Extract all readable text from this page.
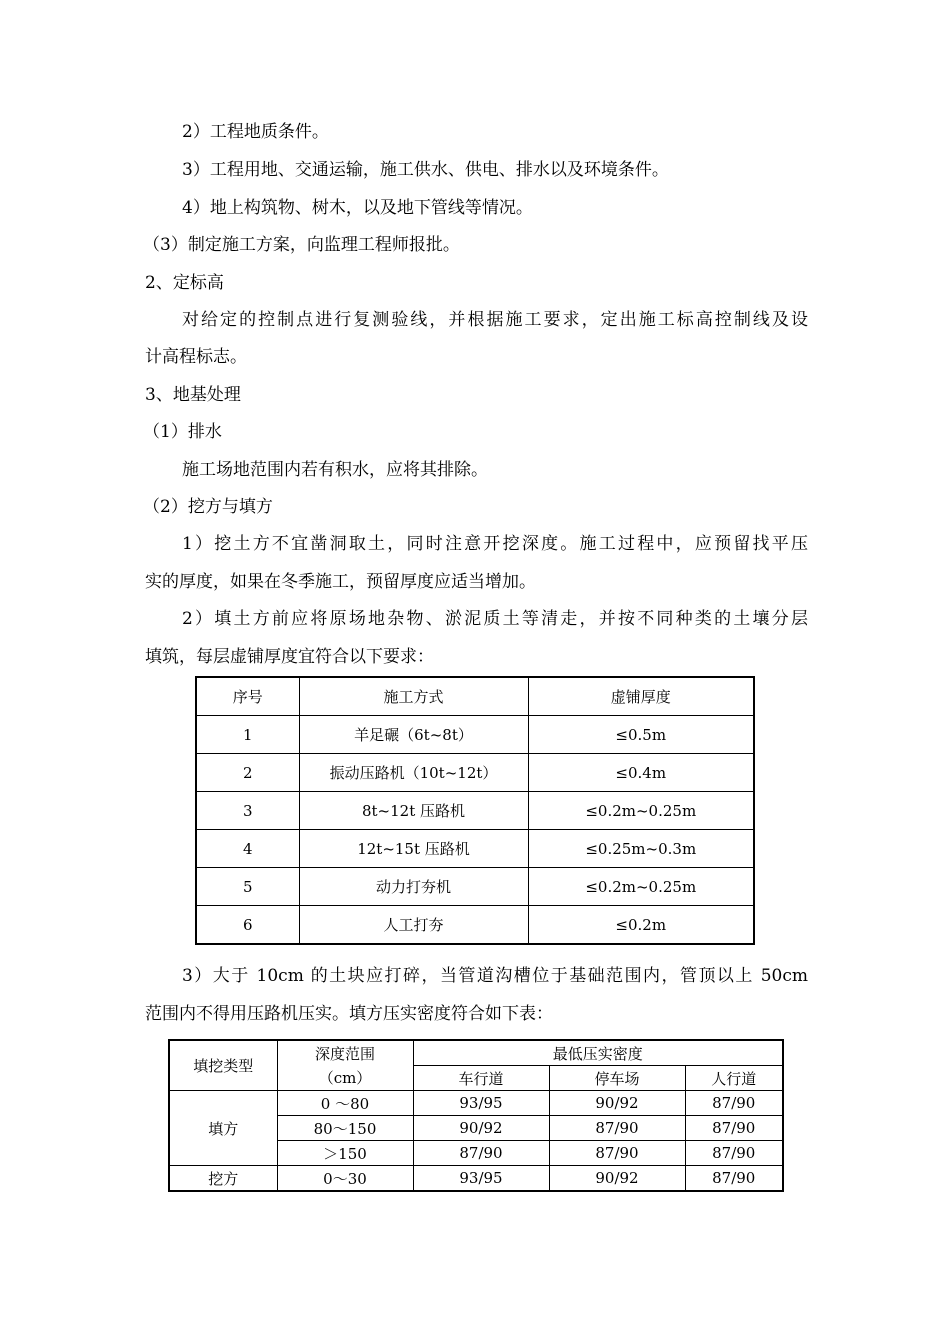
2）工程地质条件。
3）工程用地、交通运输，施工供水、供电、排水以及环境条件。
4）地上构筑物、树木，以及地下管线等情况。
（3）制定施工方案，向监理工程师报批。
2、定标高
对给定的控制点进行复测验线，并根据施工要求，定出施工标高控制线及设
计高程标志。
3、地基处理
（1）排水
施工场地范围内若有积水，应将其排除。
（2）挖方与填方
1）挖土方不宜凿洞取土，同时注意开挖深度。施工过程中，应预留找平压
实的厚度，如果在冬季施工，预留厚度应适当增加。
2）填土方前应将原场地杂物、淤泥质土等清走，并按不同种类的土壤分层
填筑，每层虚铺厚度宜符合以下要求：
序号	施工方式	虚铺厚度
1	羊足碾（6t~8t）	≤0.5m
2	振动压路机（10t~12t）	≤0.4m
3	8t~12t 压路机	≤0.2m~0.25m
4	12t~15t 压路机	≤0.25m~0.3m
5	动力打夯机	≤0.2m~0.25m
6	人工打夯	≤0.2m
3）大于 10cm 的土块应打碎，当管道沟槽位于基础范围内，管顶以上 50cm
范围内不得用压路机压实。填方压实密度符合如下表：
填挖类型	深度范围	最低压实密度		
	（cm）	车行道	停车场	人行道
填方	0 ～80	93/95	90/92	87/90
	80～150	90/92	87/90	87/90
	＞150	87/90	87/90	87/90
挖方	0～30	93/95	90/92	87/90
